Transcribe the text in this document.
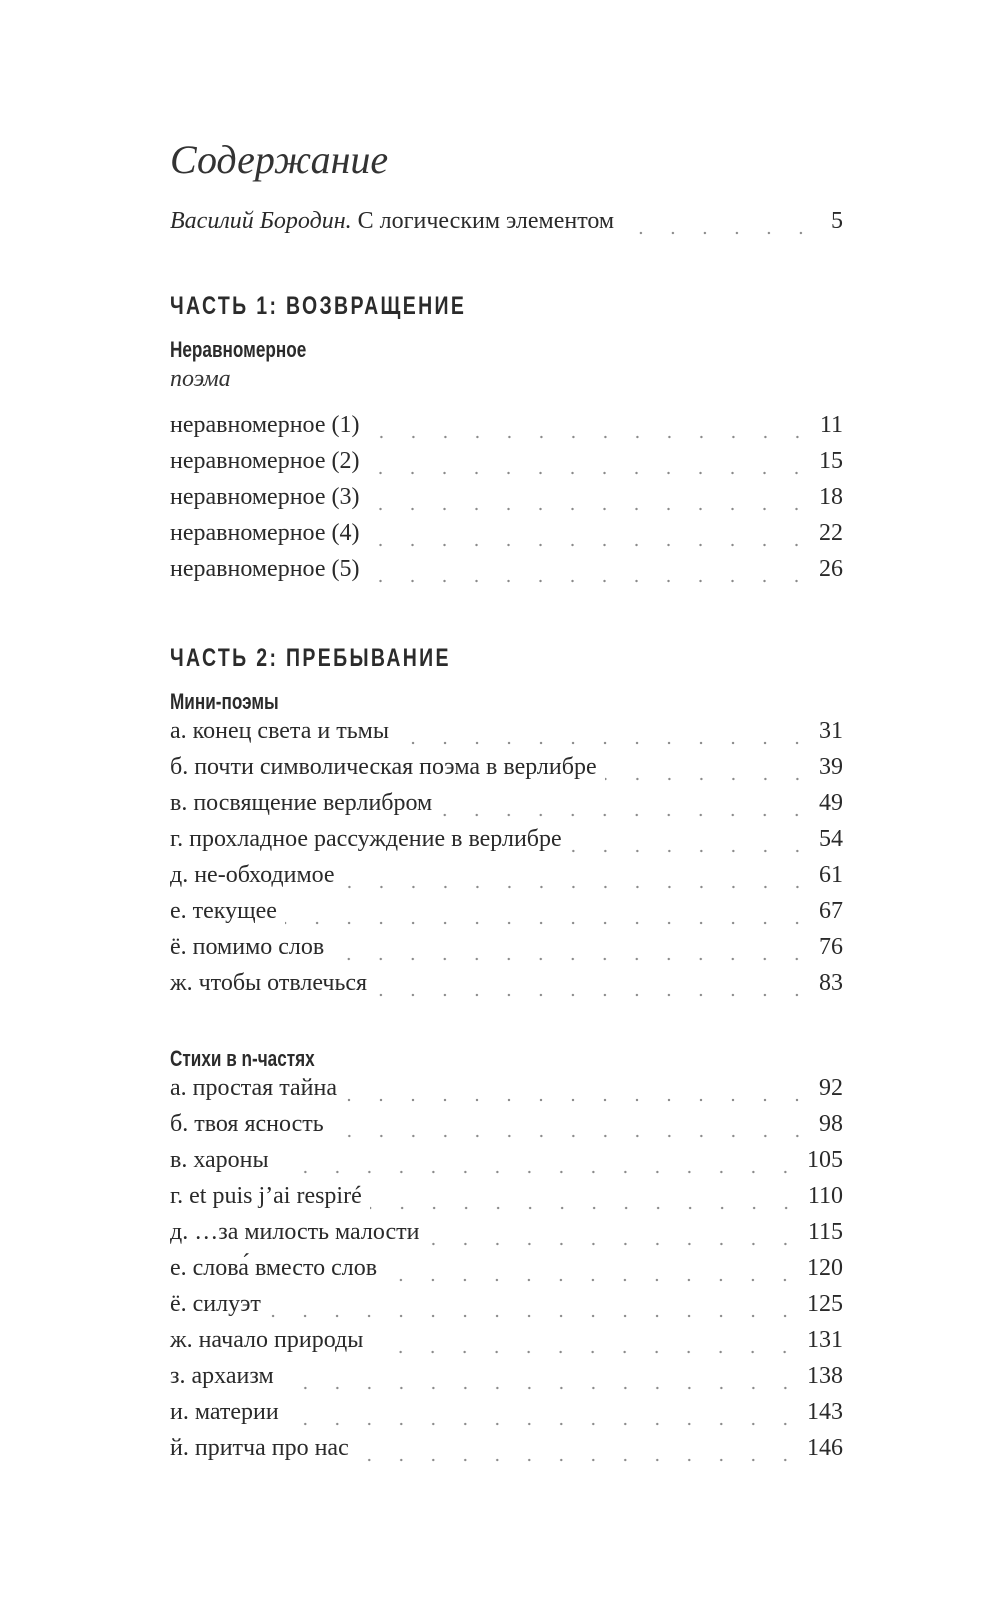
Содержание
Василий Бородин. С логическим элементом	5
ЧАСТЬ 1: ВОЗВРАЩЕНИЕ
Неравномерное
поэма
неравномерное (1)	11
неравномерное (2)	15
неравномерное (3)	18
неравномерное (4)	22
неравномерное (5)	26
ЧАСТЬ 2: ПРЕБЫВАНИЕ
Мини-поэмы
а. конец света и тьмы	31
б. почти символическая поэма в верлибре	39
в. посвящение верлибром	49
г. прохладное рассуждение в верлибре	54
д. не-обходимое	61
е. текущее	67
ё. помимо слов	76
ж. чтобы отвлечься	83
Стихи в n-частях
а. простая тайна	92
б. твоя ясность	98
в. хароны	105
г. et puis j’ai respiré	110
д. …за милость малости	115
е. слова́ вместо слов	120
ё. силуэт	125
ж. начало природы	131
з. архаизм	138
и. материи	143
й. притча про нас	146
